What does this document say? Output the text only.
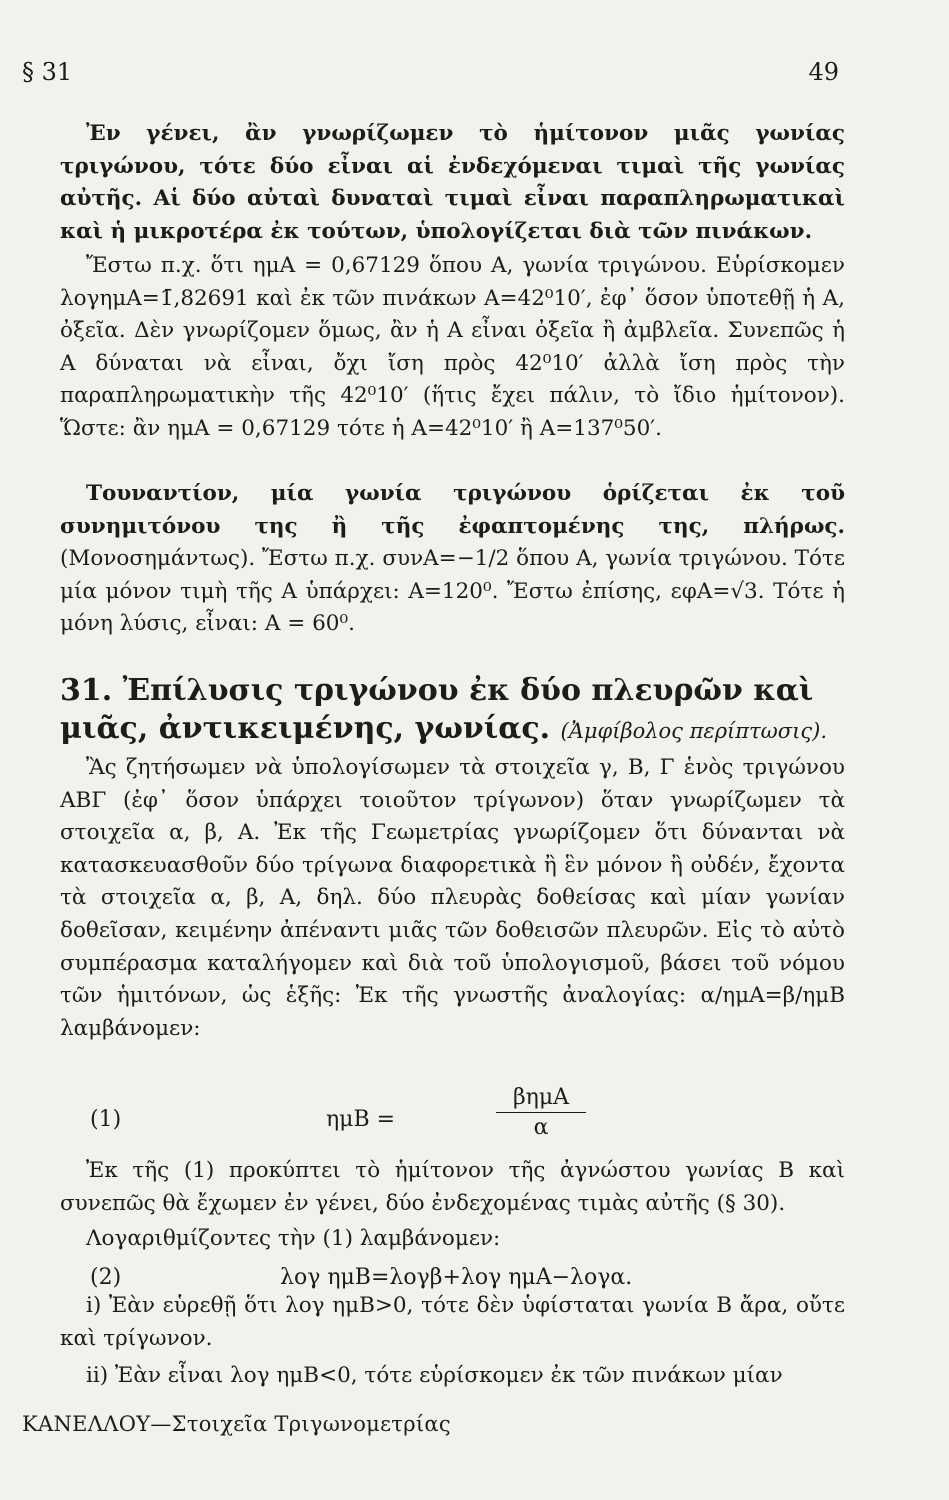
§ 31	49

Ἐν γένει, ἂν γνωρίζωμεν τὸ ἡμίτονον μιᾶς γωνίας τριγώνου, τότε δύο εἶναι αἱ ἐνδεχόμεναι τιμαὶ τῆς γωνίας αὐτῆς. Αἱ δύο αὐταὶ δυναταὶ τιμαὶ εἶναι παραπληρωματικαὶ καὶ ἡ μικροτέρα ἐκ τούτων, ὑπολογίζεται διὰ τῶν πινάκων.

Ἔστω π.χ. ὅτι ημΑ = 0,67129 ὅπου Α, γωνία τριγώνου. Εὑρίσκομεν λογημΑ=1̄,82691 καὶ ἐκ τῶν πινάκων Α=42⁰10′, ἐφ᾽ ὅσον ὑποτεθῇ ἡ Α, ὀξεῖα. Δὲν γνωρίζομεν ὅμως, ἂν ἡ Α εἶναι ὀξεῖα ἢ ἀμβλεῖα. Συνεπῶς ἡ Α δύναται νὰ εἶναι, ὄχι ἴση πρὸς 42⁰10′ ἀλλὰ ἴση πρὸς τὴν παραπληρωματικὴν τῆς 42⁰10′ (ἥτις ἔχει πάλιν, τὸ ἴδιο ἡμίτονον). Ὥστε: ἂν ημΑ = 0,67129 τότε ἡ Α=42⁰10′ ἢ Α=137⁰50′.

Τουναντίον, μία γωνία τριγώνου ὁρίζεται ἐκ τοῦ συνημιτόνου της ἢ τῆς ἐφαπτομένης της, πλήρως. (Μονοσημάντως). Ἔστω π.χ. συνΑ=−1/2 ὅπου Α, γωνία τριγώνου. Τότε μία μόνον τιμὴ τῆς Α ὑπάρχει: Α=120⁰. Ἔστω ἐπίσης, εφΑ=√3. Τότε ἡ μόνη λύσις, εἶναι: Α = 60⁰.

31. Ἐπίλυσις τριγώνου ἐκ δύο πλευρῶν καὶ μιᾶς, ἀντικειμένης, γωνίας. (Ἀμφίβολος περίπτωσις).

Ἂς ζητήσωμεν νὰ ὑπολογίσωμεν τὰ στοιχεῖα γ, Β, Γ ἑνὸς τριγώνου ΑΒΓ (ἐφ᾽ ὅσον ὑπάρχει τοιοῦτον τρίγωνον) ὅταν γνωρίζωμεν τὰ στοιχεῖα α, β, Α. Ἐκ τῆς Γεωμετρίας γνωρίζομεν ὅτι δύνανται νὰ κατασκευασθοῦν δύο τρίγωνα διαφορετικὰ ἢ ἓν μόνον ἢ οὐδέν, ἔχοντα τὰ στοιχεῖα α, β, Α, δηλ. δύο πλευρὰς δοθείσας καὶ μίαν γωνίαν δοθεῖσαν, κειμένην ἀπέναντι μιᾶς τῶν δοθεισῶν πλευρῶν. Εἰς τὸ αὐτὸ συμπέρασμα καταλήγομεν καὶ διὰ τοῦ ὑπολογισμοῦ, βάσει τοῦ νόμου τῶν ἡμιτόνων, ὡς ἑξῆς: Ἐκ τῆς γνωστῆς ἀναλογίας: α/ημΑ=β/ημΒ λαμβάνομεν:

(1)	ημΒ =
βημΑ
α

Ἐκ τῆς (1) προκύπτει τὸ ἡμίτονον τῆς ἀγνώστου γωνίας Β καὶ συνεπῶς θὰ ἔχωμεν ἐν γένει, δύο ἐνδεχομένας τιμὰς αὐτῆς (§ 30).

Λογαριθμίζοντες τὴν (1) λαμβάνομεν:

(2)	λογ ημΒ=λογβ+λογ ημΑ−λογα.

i) Ἐὰν εὑρεθῇ ὅτι λογ ημΒ>0, τότε δὲν ὑφίσταται γωνία Β ἄρα, οὔτε καὶ τρίγωνον.

ii) Ἐὰν εἶναι λογ ημΒ<0, τότε εὑρίσκομεν ἐκ τῶν πινάκων μίαν

ΚΑΝΕΛΛΟΥ—Στοιχεῖα Τριγωνομετρίας
